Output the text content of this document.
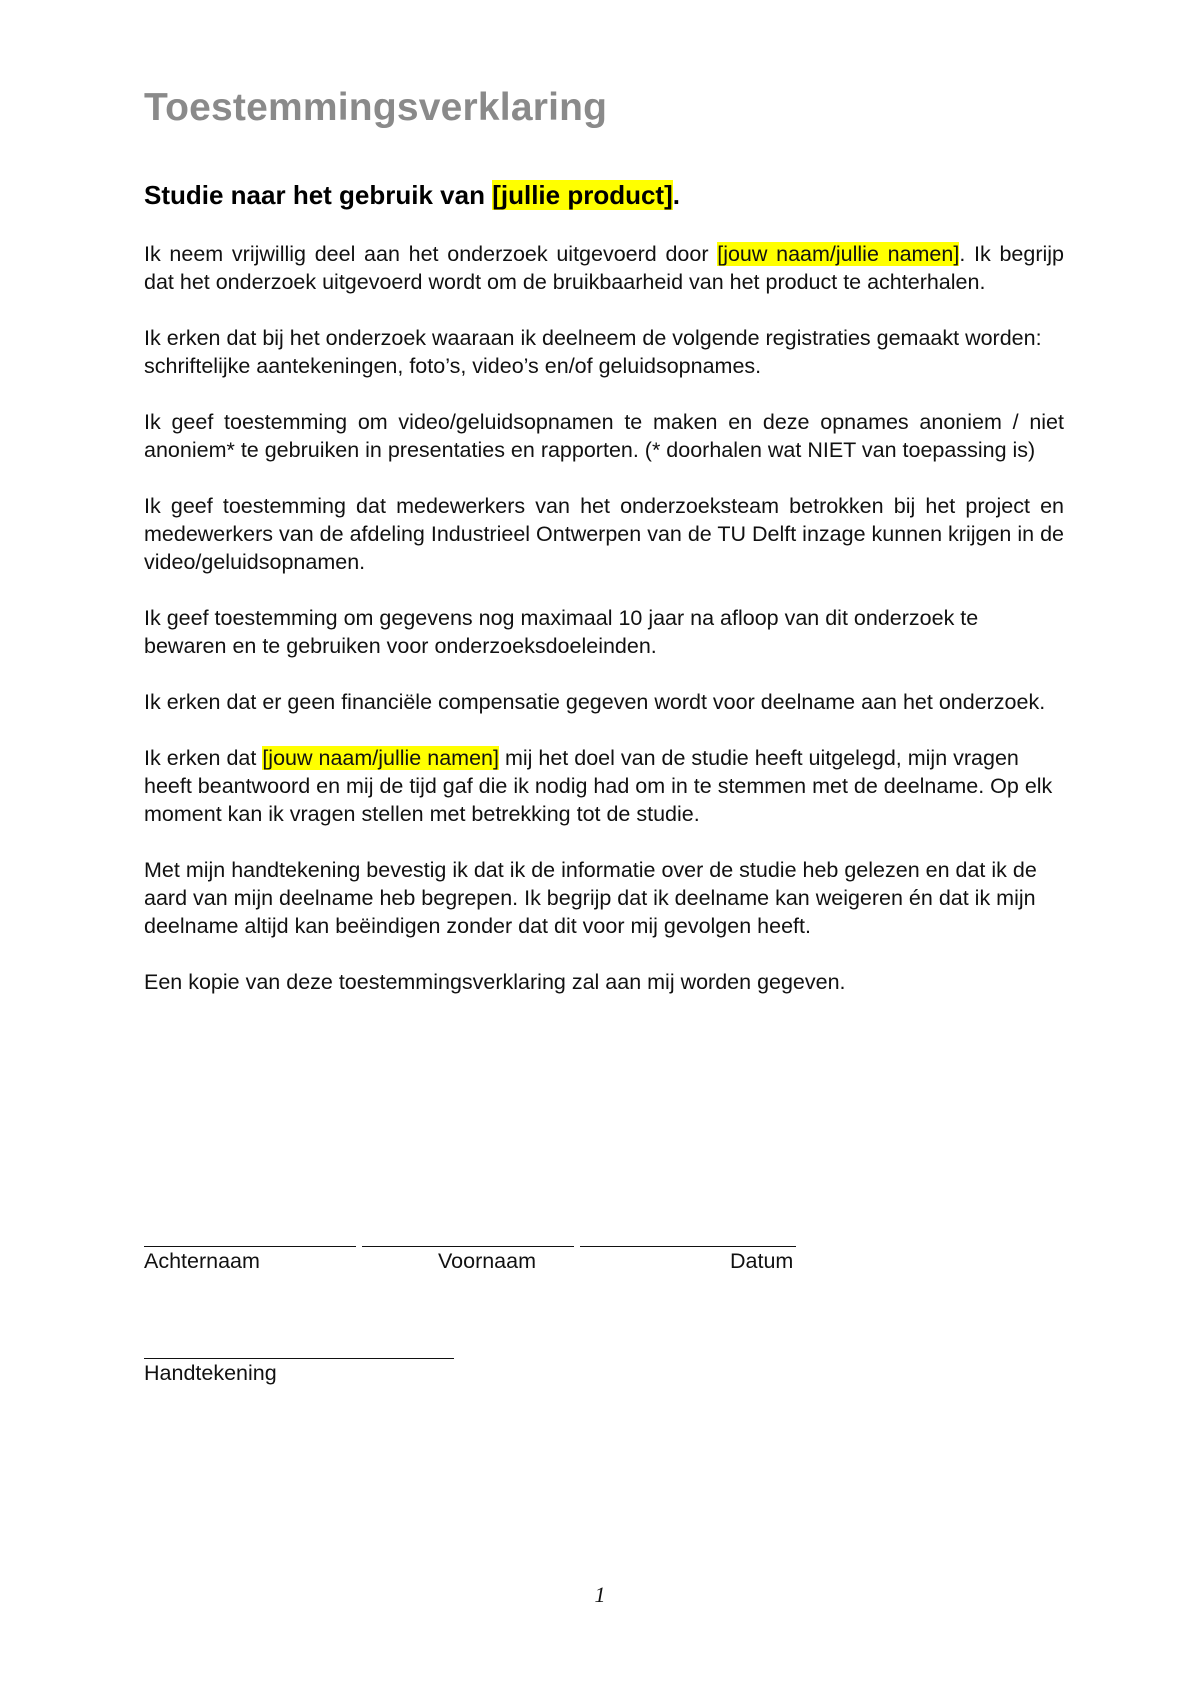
Toestemmingsverklaring
Studie naar het gebruik van [jullie product].

Ik neem vrijwillig deel aan het onderzoek uitgevoerd door [jouw naam/jullie namen]. Ik begrijp dat het onderzoek uitgevoerd wordt om de bruikbaarheid van het product te achterhalen.

Ik erken dat bij het onderzoek waaraan ik deelneem de volgende registraties gemaakt worden:
schriftelijke aantekeningen, foto’s, video’s en/of geluidsopnames.

Ik geef toestemming om video/geluidsopnamen te maken en deze opnames anoniem / niet anoniem* te gebruiken in presentaties en rapporten. (* doorhalen wat NIET van toepassing is)

Ik geef toestemming dat medewerkers van het onderzoeksteam betrokken bij het project en medewerkers van de afdeling Industrieel Ontwerpen van de TU Delft inzage kunnen krijgen in de video/geluidsopnamen.

Ik geef toestemming om gegevens nog maximaal 10 jaar na afloop van dit onderzoek te bewaren en te gebruiken voor onderzoeksdoeleinden.

Ik erken dat er geen financiële compensatie gegeven wordt voor deelname aan het onderzoek.

Ik erken dat [jouw naam/jullie namen] mij het doel van de studie heeft uitgelegd, mijn vragen heeft beantwoord en mij de tijd gaf die ik nodig had om in te stemmen met de deelname. Op elk moment kan ik vragen stellen met betrekking tot de studie.

Met mijn handtekening bevestig ik dat ik de informatie over de studie heb gelezen en dat ik de aard van mijn deelname heb begrepen. Ik begrijp dat ik deelname kan weigeren én dat ik mijn deelname altijd kan beëindigen zonder dat dit voor mij gevolgen heeft.

Een kopie van deze toestemmingsverklaring zal aan mij worden gegeven.

Achternaam	Voornaam	Datum
Handtekening
1
